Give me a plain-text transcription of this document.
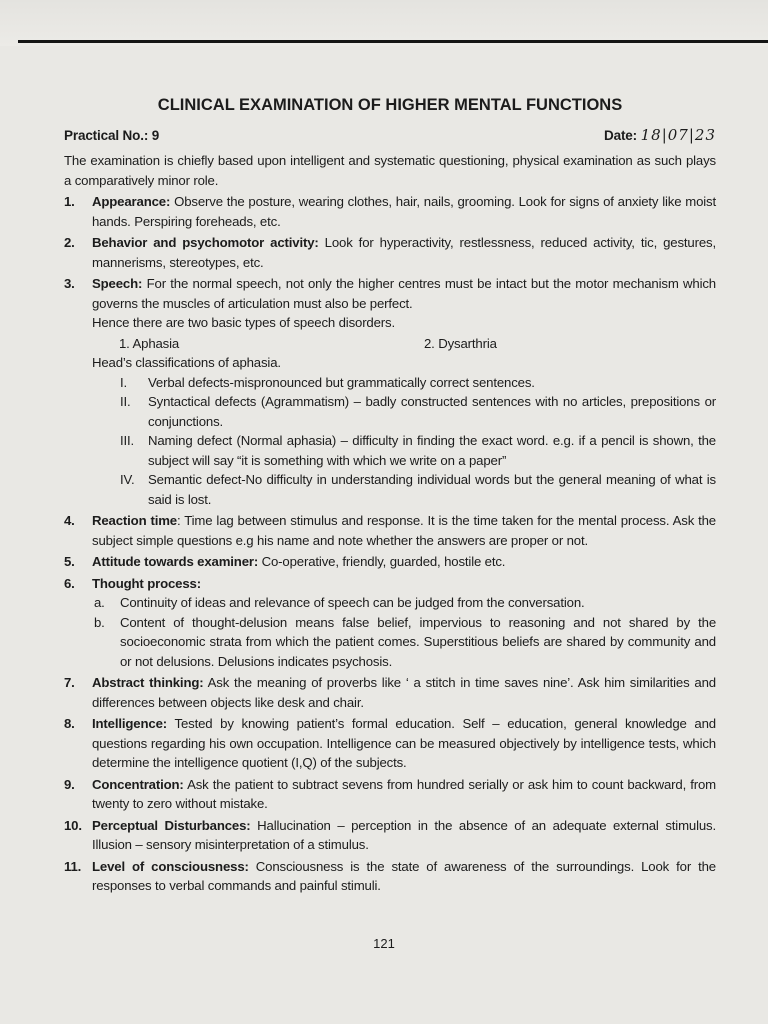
CLINICAL EXAMINATION OF HIGHER MENTAL FUNCTIONS
Practical No.: 9	Date: 18|07|23

The examination is chiefly based upon intelligent and systematic questioning, physical examination as such plays a comparatively minor role.

1.	Appearance: Observe the posture, wearing clothes, hair, nails, grooming. Look for signs of anxiety like moist hands. Perspiring foreheads, etc.
2.	Behavior and psychomotor activity: Look for hyperactivity, restlessness, reduced activity, tic, gestures, mannerisms, stereotypes, etc.
3.	Speech: For the normal speech, not only the higher centres must be intact but the motor mechanism which governs the muscles of articulation must also be perfect.
Hence there are two basic types of speech disorders.
1. Aphasia	2. Dysarthria
Head’s classifications of aphasia.
I. Verbal defects-mispronounced but grammatically correct sentences.
II. Syntactical defects (Agrammatism) – badly constructed sentences with no articles, prepositions or conjunctions.
III. Naming defect (Normal aphasia) – difficulty in finding the exact word. e.g. if a pencil is shown, the subject will say “it is something with which we write on a paper”
IV. Semantic defect-No difficulty in understanding individual words but the general meaning of what is said is lost.
4.	Reaction time: Time lag between stimulus and response. It is the time taken for the mental process. Ask the subject simple questions e.g his name and note whether the answers are proper or not.
5.	Attitude towards examiner: Co-operative, friendly, guarded, hostile etc.
6.	Thought process:
a. Continuity of ideas and relevance of speech can be judged from the conversation.
b. Content of thought-delusion means false belief, impervious to reasoning and not shared by the socioeconomic strata from which the patient comes. Superstitious beliefs are shared by community and or not delusions. Delusions indicates psychosis.
7.	Abstract thinking: Ask the meaning of proverbs like ‘ a stitch in time saves nine’. Ask him similarities and differences between objects like desk and chair.
8.	Intelligence: Tested by knowing patient’s formal education. Self – education, general knowledge and questions regarding his own occupation. Intelligence can be measured objectively by intelligence tests, which determine the intelligence quotient (I,Q) of the subjects.
9.	Concentration: Ask the patient to subtract sevens from hundred serially or ask him to count backward, from twenty to zero without mistake.
10. Perceptual Disturbances: Hallucination – perception in the absence of an adequate external stimulus. Illusion – sensory misinterpretation of a stimulus.
11. Level of consciousness: Consciousness is the state of awareness of the surroundings. Look for the responses to verbal commands and painful stimuli.
121
